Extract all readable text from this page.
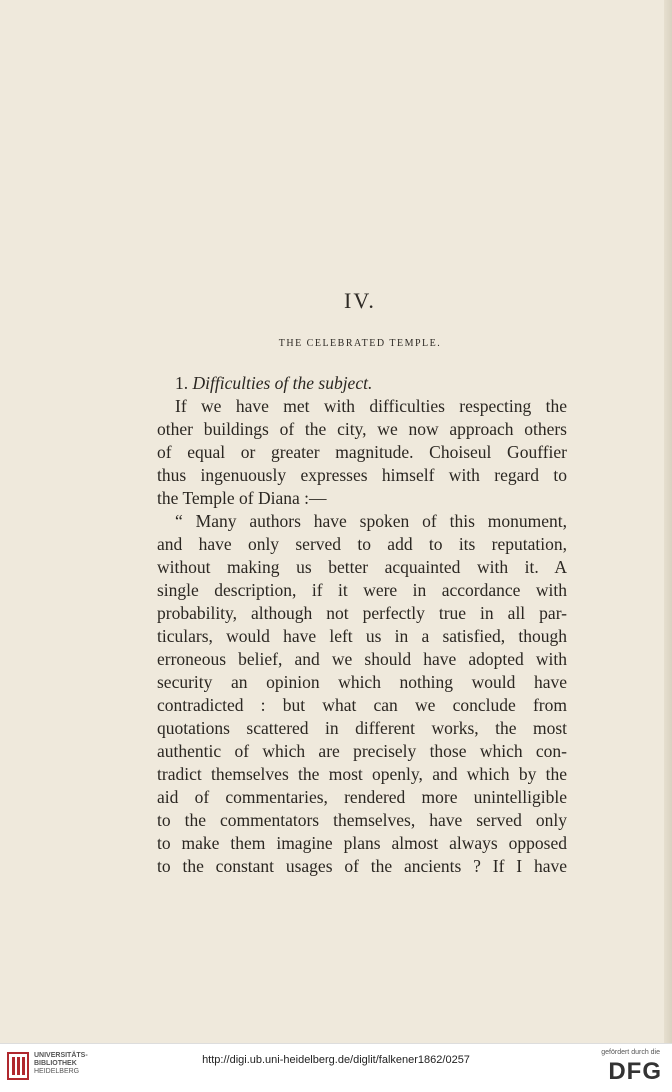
IV.
THE CELEBRATED TEMPLE.
1. Difficulties of the subject.
If we have met with difficulties respecting the
other buildings of the city, we now approach others
of equal or greater magnitude. Choiseul Gouffier
thus ingenuously expresses himself with regard to
the Temple of Diana :—
“ Many authors have spoken of this monument,
and have only served to add to its reputation,
without making us better acquainted with it. A
single description, if it were in accordance with
probability, although not perfectly true in all par-
ticulars, would have left us in a satisfied, though
erroneous belief, and we should have adopted with
security an opinion which nothing would have
contradicted : but what can we conclude from
quotations scattered in different works, the most
authentic of which are precisely those which con-
tradict themselves the most openly, and which by the
aid of commentaries, rendered more unintelligible
to the commentators themselves, have served only
to make them imagine plans almost always opposed
to the constant usages of the ancients ? If I have
UNIVERSITÄTS-
BIBLIOTHEK
HEIDELBERG
http://digi.ub.uni-heidelberg.de/diglit/falkener1862/0257
gefördert durch die
DFG
